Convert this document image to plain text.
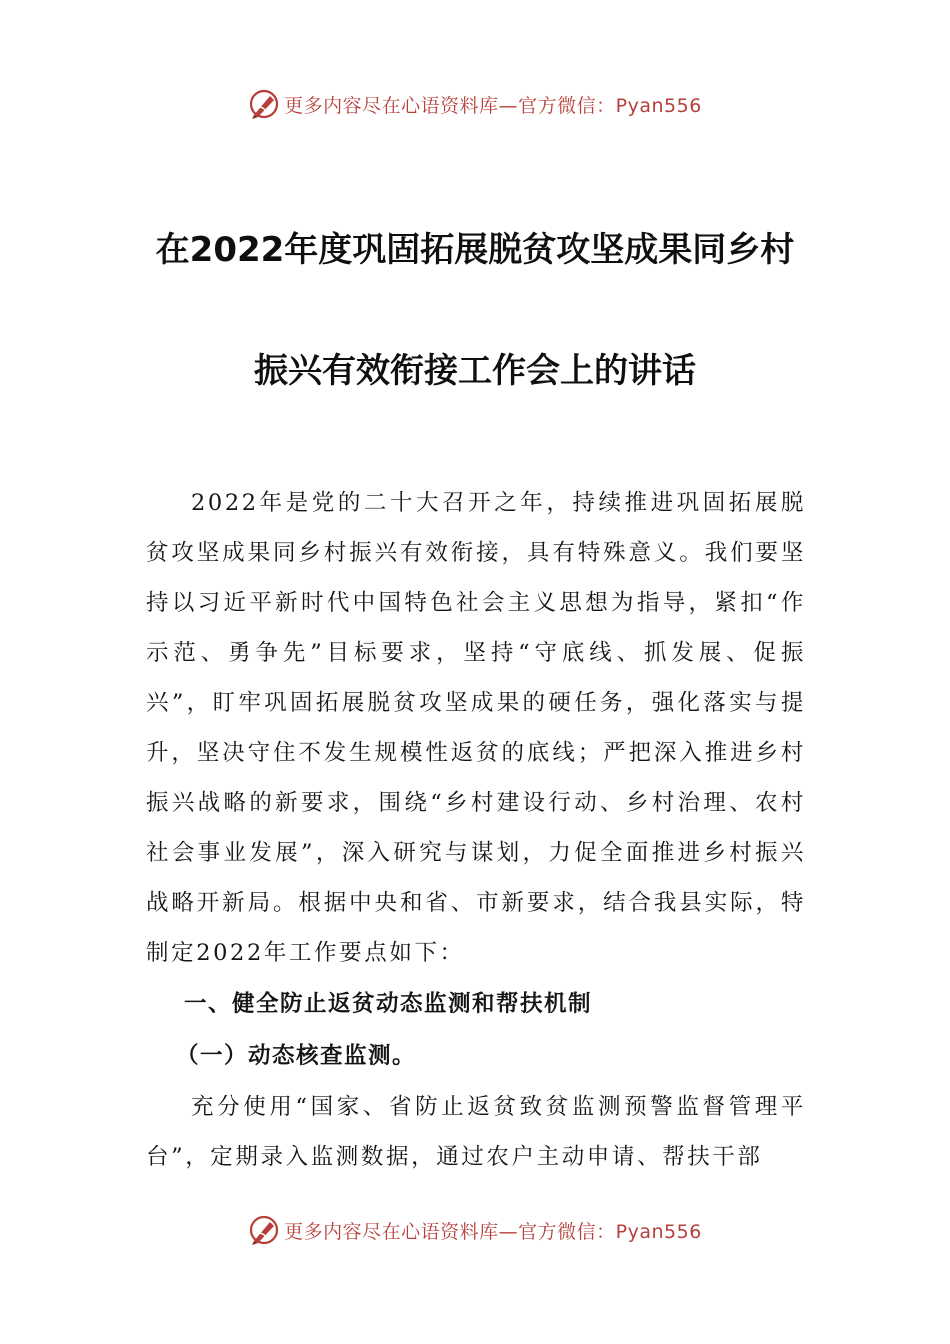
更多内容尽在心语资料库—官方微信：Pyan556
在2022年度巩固拓展脱贫攻坚成果同乡村
振兴有效衔接工作会上的讲话

2022年是党的二十大召开之年，持续推进巩固拓展脱贫攻坚成果同乡村振兴有效衔接，具有特殊意义。我们要坚持以习近平新时代中国特色社会主义思想为指导，紧扣“作示范、勇争先”目标要求，坚持“守底线、抓发展、促振兴”，盯牢巩固拓展脱贫攻坚成果的硬任务，强化落实与提升，坚决守住不发生规模性返贫的底线；严把深入推进乡村振兴战略的新要求，围绕“乡村建设行动、乡村治理、农村社会事业发展”，深入研究与谋划，力促全面推进乡村振兴战略开新局。根据中央和省、市新要求，结合我县实际，特制定2022年工作要点如下：

一、健全防止返贫动态监测和帮扶机制

（一）动态核查监测。

充分使用“国家、省防止返贫致贫监测预警监督管理平台”，定期录入监测数据，通过农户主动申请、帮扶干部

更多内容尽在心语资料库—官方微信：Pyan556
